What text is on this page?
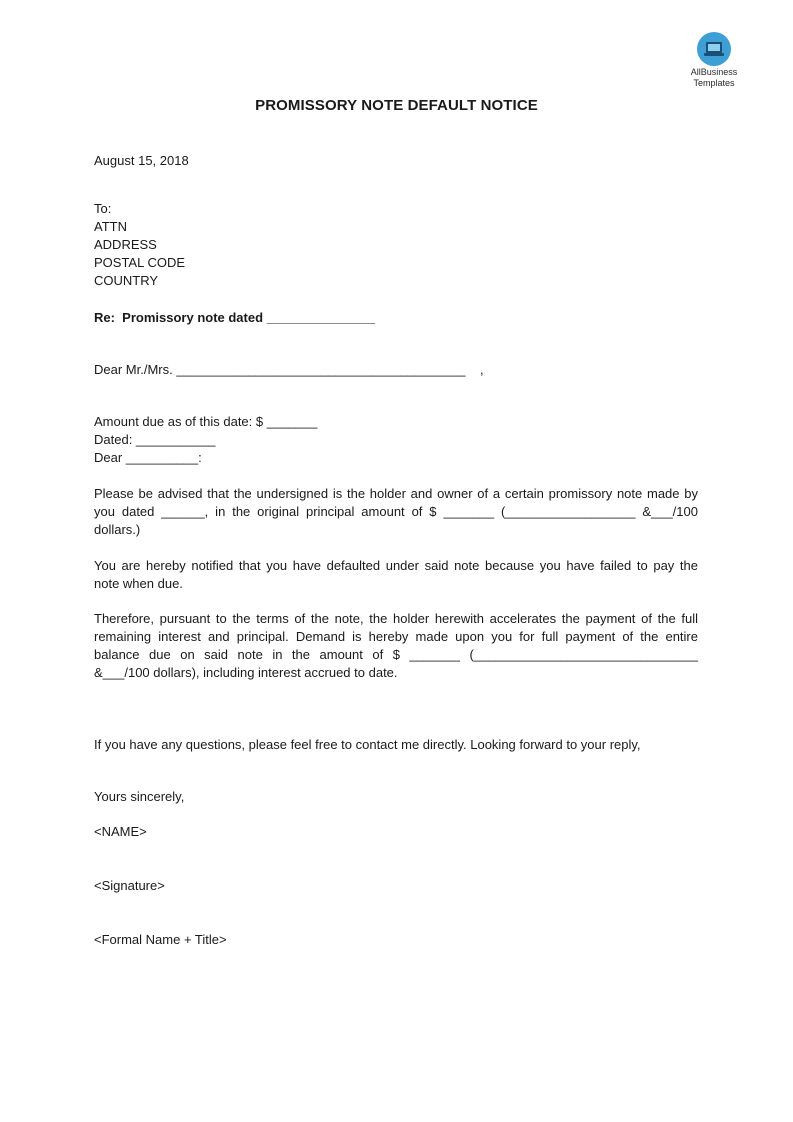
AllBusiness
Templates
PROMISSORY NOTE DEFAULT NOTICE
August 15, 2018
To:
ATTN
ADDRESS
POSTAL CODE
COUNTRY
Re:  Promissory note dated _______________
Dear Mr./Mrs. ________________________________________    ,
Amount due as of this date: $ _______
Dated: ___________
Dear __________:
Please be advised that the undersigned is the holder and owner of a certain promissory note made by
you dated ______, in the original principal amount of $ _______ (__________________ &___/100
dollars.)
You are hereby notified that you have defaulted under said note because you have failed to pay the
note when due.
Therefore, pursuant to the terms of the note, the holder herewith accelerates the payment of the full
remaining interest and principal. Demand is hereby made upon you for full payment of the entire
balance due on said note in the amount of $ _______ (_______________________________
&___/100 dollars), including interest accrued to date.
If you have any questions, please feel free to contact me directly. Looking forward to your reply,
Yours sincerely,
<NAME>
<Signature>
<Formal Name + Title>
